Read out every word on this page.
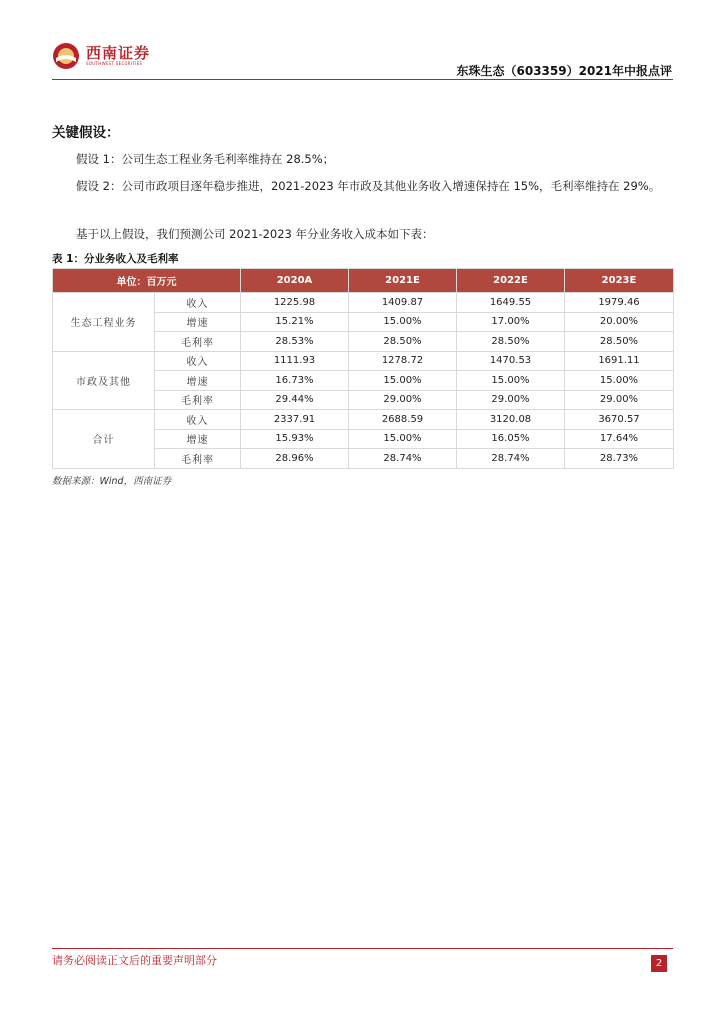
西南证券
SOUTHWEST SECURITIES
东珠生态（603359）2021年中报点评
关键假设：
假设 1：公司生态工程业务毛利率维持在 28.5%；
假设 2：公司市政项目逐年稳步推进，2021-2023 年市政及其他业务收入增速保持在 15%，毛利率维持在 29%。
基于以上假设，我们预测公司 2021-2023 年分业务收入成本如下表：
表 1：分业务收入及毛利率
单位：百万元		2020A	2021E	2022E	2023E
生态工程业务	收入	1225.98	1409.87	1649.55	1979.46
	增速	15.21%	15.00%	17.00%	20.00%
	毛利率	28.53%	28.50%	28.50%	28.50%
市政及其他	收入	1111.93	1278.72	1470.53	1691.11
	增速	16.73%	15.00%	15.00%	15.00%
	毛利率	29.44%	29.00%	29.00%	29.00%
合计	收入	2337.91	2688.59	3120.08	3670.57
	增速	15.93%	15.00%	16.05%	17.64%
	毛利率	28.96%	28.74%	28.74%	28.73%
数据来源：Wind，西南证券
请务必阅读正文后的重要声明部分	2
